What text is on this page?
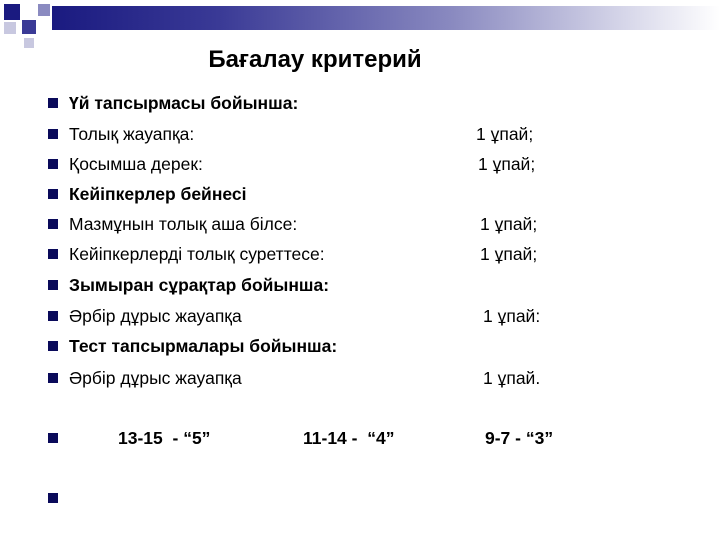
Бағалау критерий
Үй тапсырмасы бойынша:
Толық жауапқа:	1 ұпай;
Қосымша дерек:	1 ұпай;
Кейіпкерлер бейнесі
Мазмұнын толық аша білсе:	1 ұпай;
Кейіпкерлерді толық суреттесе:	1 ұпай;
Зымыран сұрақтар бойынша:
Әрбір дұрыс жауапқа	1 ұпай:
Тест тапсырмалары бойынша:
Әрбір дұрыс жауапқа	1 ұпай.
13-15  - “5”	11-14 -  “4”	9-7 - “3”
